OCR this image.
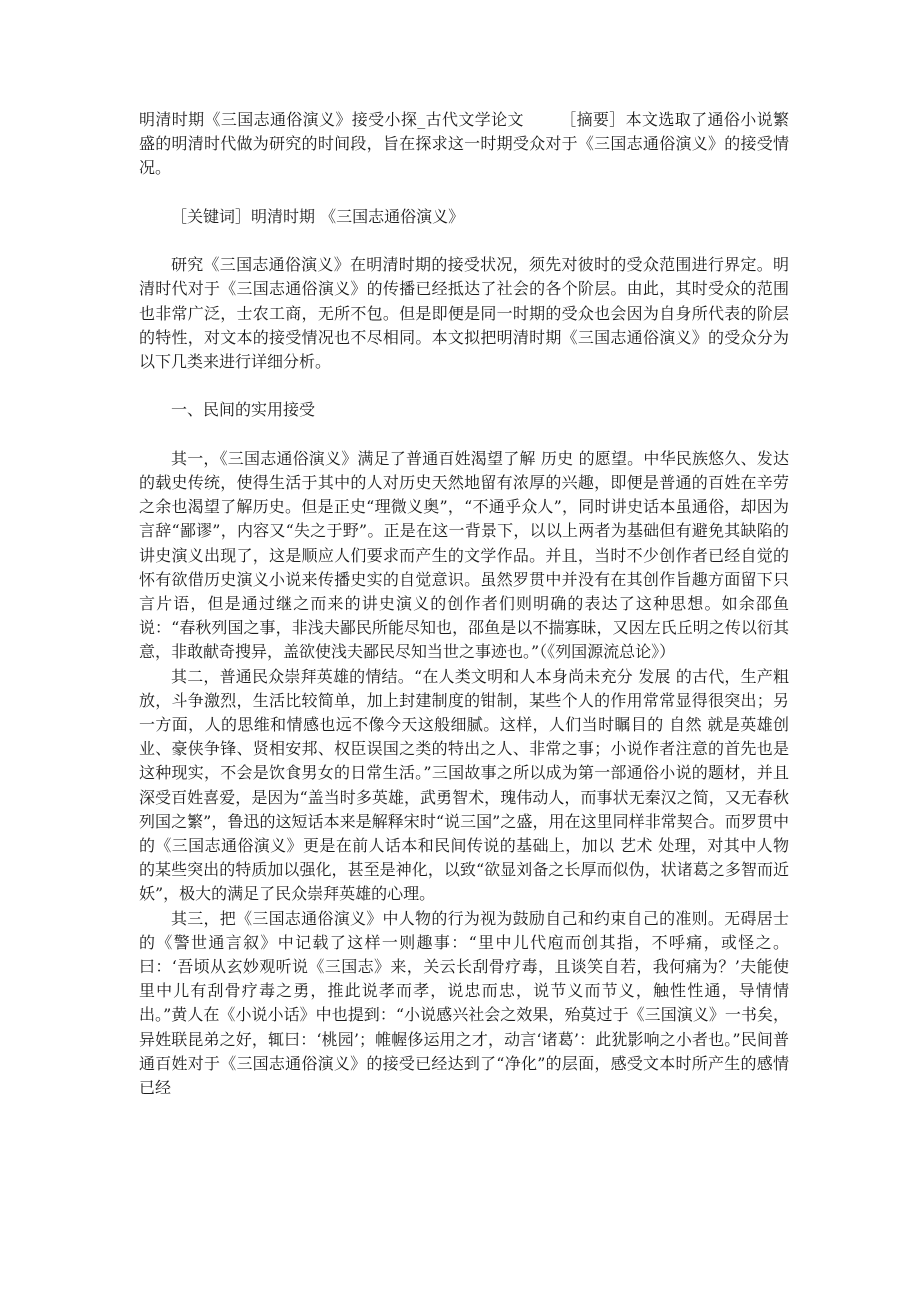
明清时期《三国志通俗演义》接受小探_古代文学论文 ［摘要］本文选取了通俗小说繁盛的明清时代做为研究的时间段，旨在探求这一时期受众对于《三国志通俗演义》的接受情况。

［关键词］明清时期 《三国志通俗演义》

研究《三国志通俗演义》在明清时期的接受状况，须先对彼时的受众范围进行界定。明清时代对于《三国志通俗演义》的传播已经抵达了社会的各个阶层。由此，其时受众的范围也非常广泛，士农工商，无所不包。但是即便是同一时期的受众也会因为自身所代表的阶层的特性，对文本的接受情况也不尽相同。本文拟把明清时期《三国志通俗演义》的受众分为以下几类来进行详细分析。

一、民间的实用接受

其一，《三国志通俗演义》满足了普通百姓渴望了解 历史 的愿望。中华民族悠久、发达的载史传统，使得生活于其中的人对历史天然地留有浓厚的兴趣，即便是普通的百姓在辛劳之余也渴望了解历史。但是正史“理微义奥”，“不通乎众人”，同时讲史话本虽通俗，却因为言辞“鄙谬”，内容又“失之于野”。正是在这一背景下，以以上两者为基础但有避免其缺陷的讲史演义出现了，这是顺应人们要求而产生的文学作品。并且，当时不少创作者已经自觉的怀有欲借历史演义小说来传播史实的自觉意识。虽然罗贯中并没有在其创作旨趣方面留下只言片语，但是通过继之而来的讲史演义的创作者们则明确的表达了这种思想。如余邵鱼说：“春秋列国之事，非浅夫鄙民所能尽知也，邵鱼是以不揣寡昧，又因左氏丘明之传以衍其意，非敢献奇搜异，盖欲使浅夫鄙民尽知当世之事迹也。”（《列国源流总论》）

其二，普通民众崇拜英雄的情结。“在人类文明和人本身尚未充分 发展 的古代，生产粗放，斗争激烈，生活比较简单，加上封建制度的钳制，某些个人的作用常常显得很突出；另一方面，人的思维和情感也远不像今天这般细腻。这样，人们当时瞩目的 自然 就是英雄创业、豪侠争锋、贤相安邦、权臣误国之类的特出之人、非常之事；小说作者注意的首先也是这种现实，不会是饮食男女的日常生活。”三国故事之所以成为第一部通俗小说的题材，并且深受百姓喜爱，是因为“盖当时多英雄，武勇智术，瑰伟动人，而事状无秦汉之简，又无春秋列国之繁”，鲁迅的这短话本来是解释宋时“说三国”之盛，用在这里同样非常契合。而罗贯中的《三国志通俗演义》更是在前人话本和民间传说的基础上，加以 艺术 处理，对其中人物的某些突出的特质加以强化，甚至是神化，以致“欲显刘备之长厚而似伪，状诸葛之多智而近妖”，极大的满足了民众崇拜英雄的心理。

其三，把《三国志通俗演义》中人物的行为视为鼓励自己和约束自己的准则。无碍居士的《警世通言叙》中记载了这样一则趣事：“里中儿代庖而创其指，不呼痛，或怪之。曰：‘吾顷从玄妙观听说《三国志》来，关云长刮骨疗毒，且谈笑自若，我何痛为？’夫能使里中儿有刮骨疗毒之勇，推此说孝而孝，说忠而忠，说节义而节义，触性性通，导情情出。”黄人在《小说小话》中也提到：“小说感兴社会之效果，殆莫过于《三国演义》一书矣，异姓联昆弟之好，辄曰：‘桃园’；帷幄侈运用之才，动言‘诸葛’：此犹影响之小者也。”民间普通百姓对于《三国志通俗演义》的接受已经达到了“净化”的层面，感受文本时所产生的感情已经
